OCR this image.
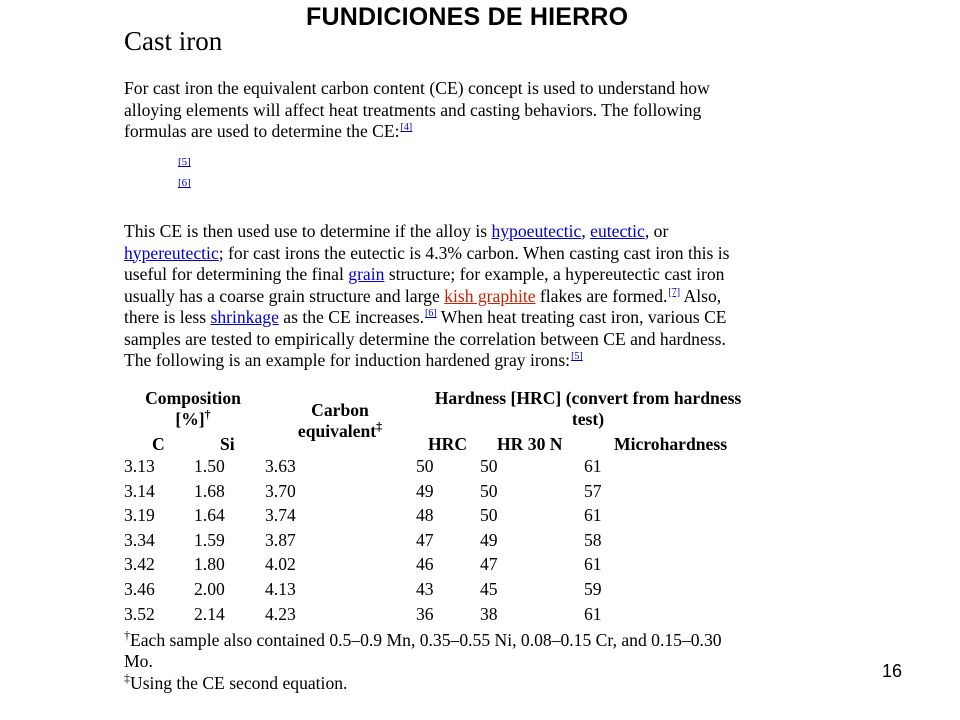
FUNDICIONES DE HIERRO
Cast iron
For cast iron the equivalent carbon content (CE) concept is used to understand how
alloying elements will affect heat treatments and casting behaviors. The following
formulas are used to determine the CE:[4]
[5]
[6]
This CE is then used use to determine if the alloy is hypoeutectic, eutectic, or
hypereutectic; for cast irons the eutectic is 4.3% carbon. When casting cast iron this is
useful for determining the final grain structure; for example, a hypereutectic cast iron
usually has a coarse grain structure and large kish graphite flakes are formed.[7] Also,
there is less shrinkage as the CE increases.[6] When heat treating cast iron, various CE
samples are tested to empirically determine the correlation between CE and hardness.
The following is an example for induction hardened gray irons:[5]
Composition
[%]†	Carbon
equivalent‡
Hardness [HRC] (convert from hardness
test)
C	Si	HRC HR 30 N	Microhardness
3.13 1.50 3.63	50	50	61
3.14 1.68 3.70	49	50	57
3.19 1.64 3.74	48	50	61
3.34 1.59 3.87	47	49	58
3.42 1.80 4.02	46	47	61
3.46 2.00 4.13	43	45	59
3.52 2.14 4.23	36	38	61
†Each sample also contained 0.5–0.9 Mn, 0.35–0.55 Ni, 0.08–0.15 Cr, and 0.15–0.30
Mo.
‡Using the CE second equation.
16
